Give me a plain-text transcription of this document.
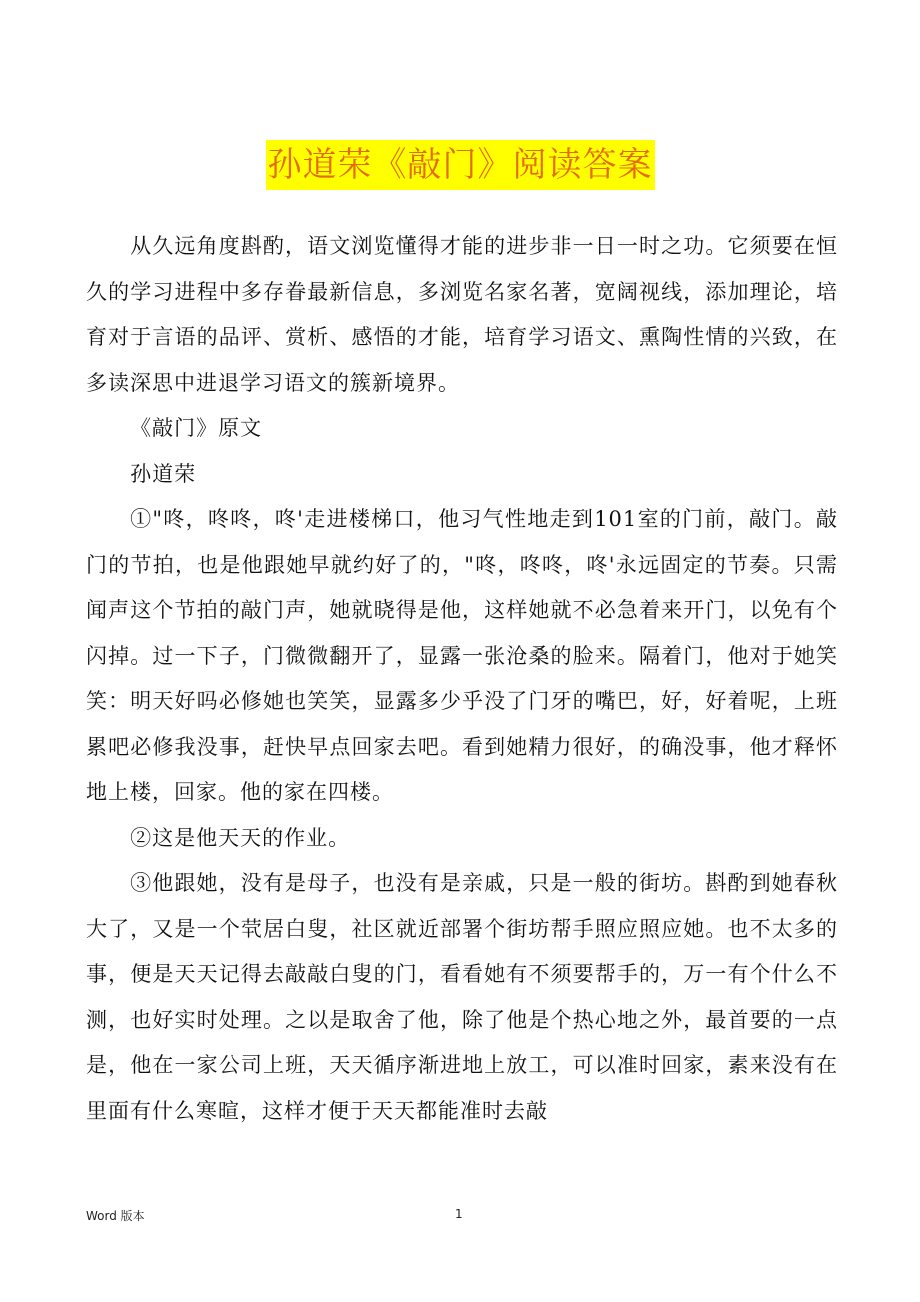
孙道荣《敲门》阅读答案

从久远角度斟酌，语文浏览懂得才能的进步非一日一时之功。它须要在恒久的学习进程中多存眷最新信息，多浏览名家名著，宽阔视线，添加理论，培育对于言语的品评、赏析、感悟的才能，培育学习语文、熏陶性情的兴致，在多读深思中进退学习语文的簇新境界。

《敲门》原文

孙道荣

①"咚，咚咚，咚'走进楼梯口，他习气性地走到101室的门前，敲门。敲门的节拍，也是他跟她早就约好了的，"咚，咚咚，咚'永远固定的节奏。只需闻声这个节拍的敲门声，她就晓得是他，这样她就不必急着来开门，以免有个闪掉。过一下子，门微微翻开了，显露一张沧桑的脸来。隔着门，他对于她笑笑：明天好吗必修她也笑笑，显露多少乎没了门牙的嘴巴，好，好着呢，上班累吧必修我没事，赶快早点回家去吧。看到她精力很好，的确没事，他才释怀地上楼，回家。他的家在四楼。

②这是他天天的作业。

③他跟她，没有是母子，也没有是亲戚，只是一般的街坊。斟酌到她春秋大了，又是一个茕居白叟，社区就近部署个街坊帮手照应照应她。也不太多的事，便是天天记得去敲敲白叟的门，看看她有不须要帮手的，万一有个什么不测，也好实时处理。之以是取舍了他，除了他是个热心地之外，最首要的一点是，他在一家公司上班，天天循序渐进地上放工，可以准时回家，素来没有在里面有什么寒暄，这样才便于天天都能准时去敲

Word 版本	1
